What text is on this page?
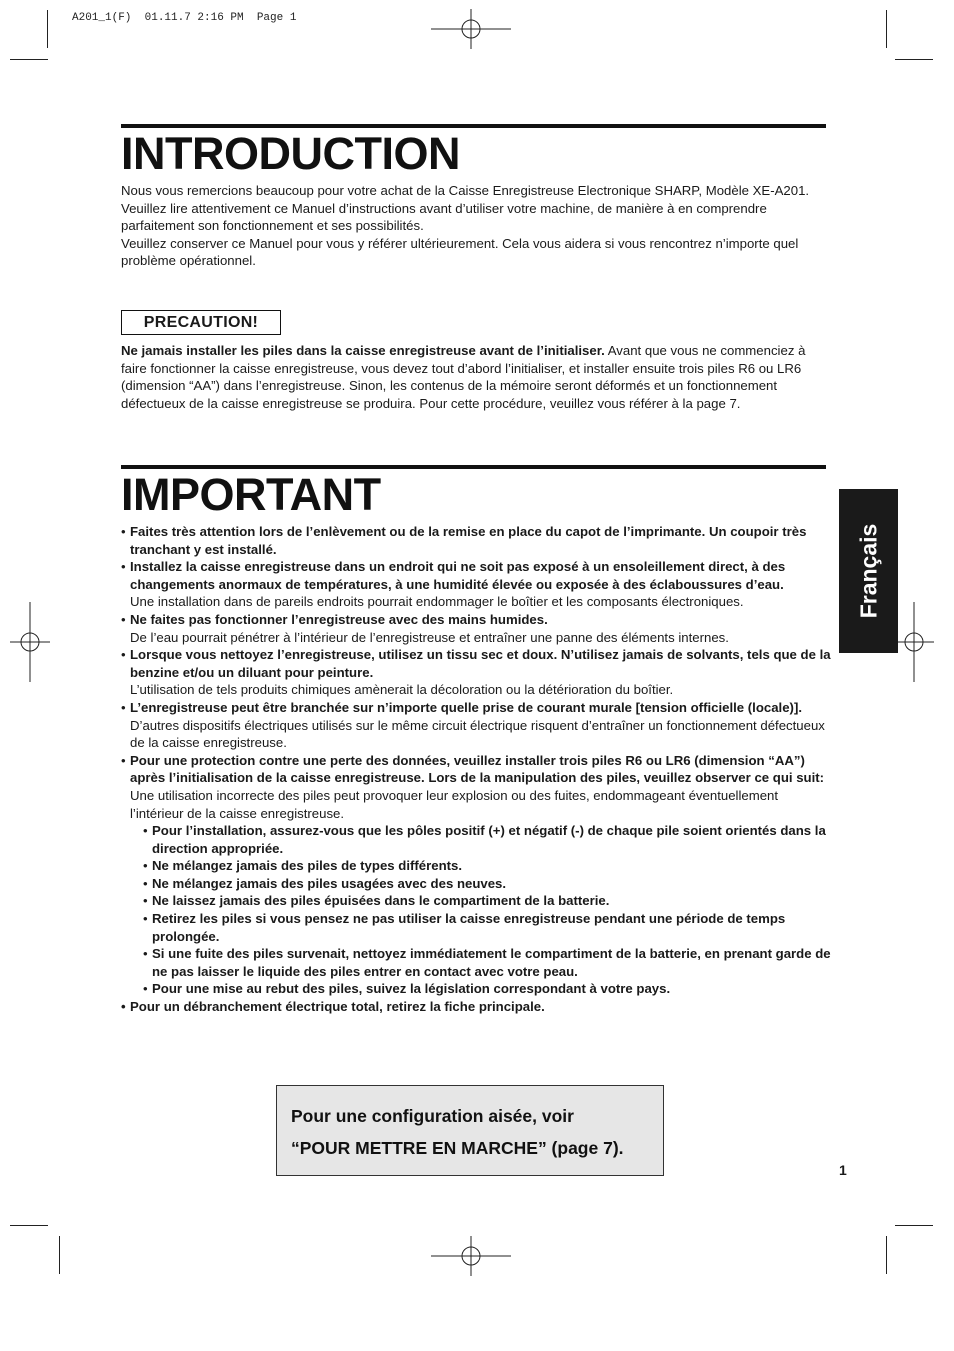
A201_1(F)  01.11.7 2:16 PM  Page 1
INTRODUCTION

Nous vous remercions beaucoup pour votre achat de la Caisse Enregistreuse Electronique SHARP, Modèle XE-A201.

Veuillez lire attentivement ce Manuel d’instructions avant d’utiliser votre machine, de manière à en comprendre parfaitement son fonctionnement et ses possibilités.

Veuillez conserver ce Manuel pour vous y référer ultérieurement. Cela vous aidera si vous rencontrez n’importe quel problème opérationnel.

PRECAUTION!

Ne jamais installer les piles dans la caisse enregistreuse avant de l’initialiser. Avant que vous ne commenciez à faire fonctionner la caisse enregistreuse, vous devez tout d’abord l’initialiser, et installer ensuite trois piles R6 ou LR6 (dimension “AA”) dans l’enregistreuse. Sinon, les contenus de la mémoire seront déformés et un fonctionnement défectueux de la caisse enregistreuse se produira. Pour cette procédure, veuillez vous référer à la page 7.

Français
IMPORTANT
• Faites très attention lors de l’enlèvement ou de la remise en place du capot de l’imprimante. Un coupoir très tranchant y est installé.
• Installez la caisse enregistreuse dans un endroit qui ne soit pas exposé à un ensoleillement direct, à des changements anormaux de températures, à une humidité élevée ou exposée à des éclaboussures d’eau.
Une installation dans de pareils endroits pourrait endommager le boîtier et les composants électroniques.
• Ne faites pas fonctionner l’enregistreuse avec des mains humides.
De l’eau pourrait pénétrer à l’intérieur de l’enregistreuse et entraîner une panne des éléments internes.
• Lorsque vous nettoyez l’enregistreuse, utilisez un tissu sec et doux. N’utilisez jamais de solvants, tels que de la benzine et/ou un diluant pour peinture.
L’utilisation de tels produits chimiques amènerait la décoloration ou la détérioration du boîtier.
• L’enregistreuse peut être branchée sur n’importe quelle prise de courant murale [tension officielle (locale)].
D’autres dispositifs électriques utilisés sur le même circuit électrique risquent d’entraîner un fonctionnement défectueux de la caisse enregistreuse.
• Pour une protection contre une perte des données, veuillez installer trois piles R6 ou LR6 (dimension “AA”) après l’initialisation de la caisse enregistreuse. Lors de la manipulation des piles, veuillez observer ce qui suit:
Une utilisation incorrecte des piles peut provoquer leur explosion ou des fuites, endommageant éventuellement l’intérieur de la caisse enregistreuse.
• Pour l’installation, assurez-vous que les pôles positif (+) et négatif (-) de chaque pile soient orientés dans la direction appropriée.
• Ne mélangez jamais des piles de types différents.
• Ne mélangez jamais des piles usagées avec des neuves.
• Ne laissez jamais des piles épuisées dans le compartiment de la batterie.
• Retirez les piles si vous pensez ne pas utiliser la caisse enregistreuse pendant une période de temps prolongée.
• Si une fuite des piles survenait, nettoyez immédiatement le compartiment de la batterie, en prenant garde de ne pas laisser le liquide des piles entrer en contact avec votre peau.
• Pour une mise au rebut des piles, suivez la législation correspondant à votre pays.
• Pour un débranchement électrique total, retirez la fiche principale.
Pour une configuration aisée, voir
“POUR METTRE EN MARCHE” (page 7).
1
